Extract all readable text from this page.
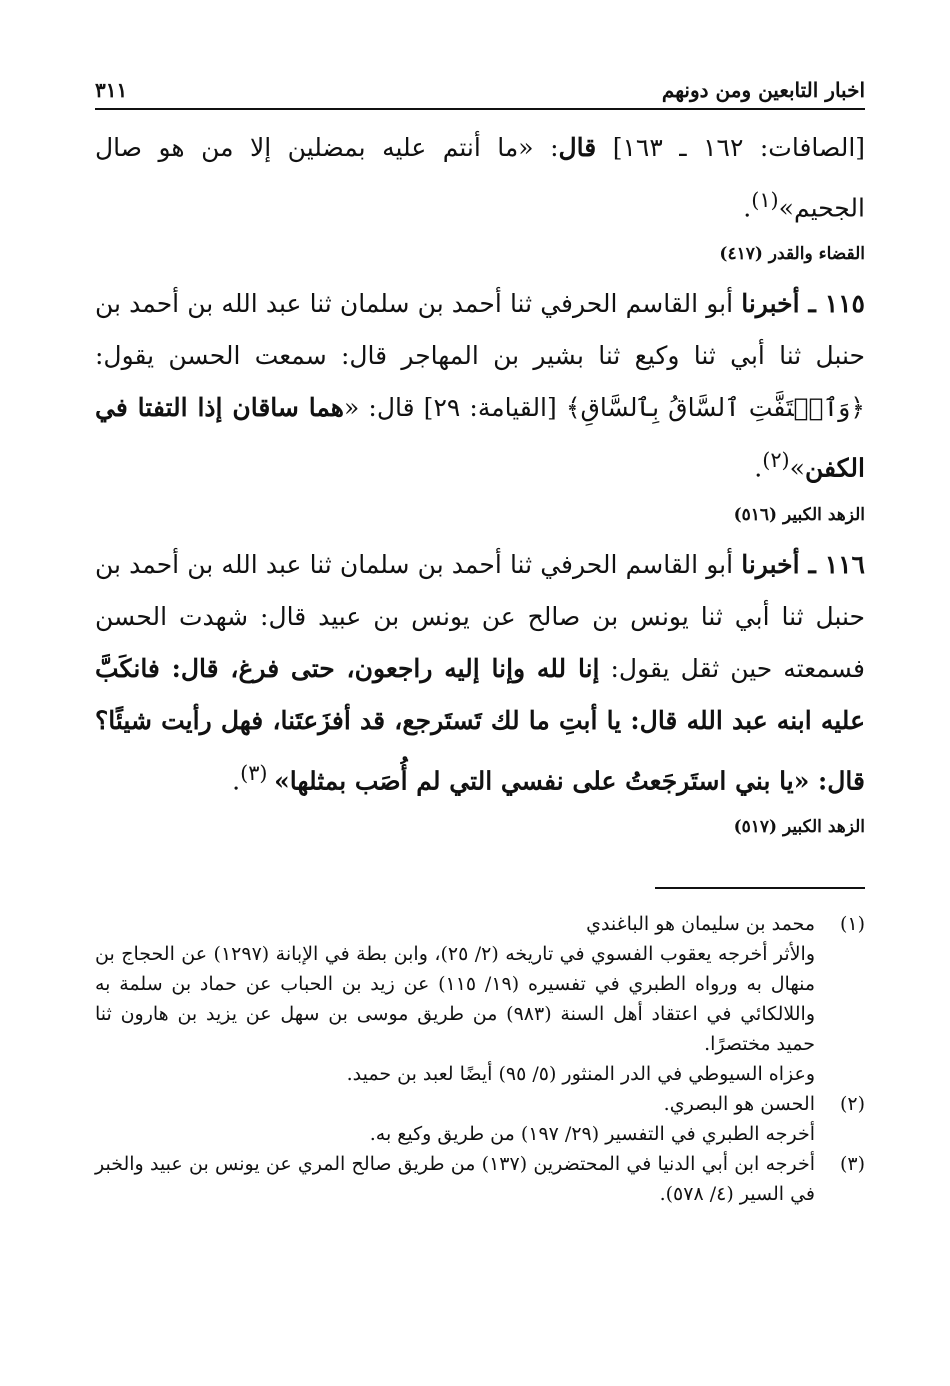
اخبار التابعين ومن دونهم
٣١١

[الصافات: ١٦٢ ـ ١٦٣] قال: «ما أنتم عليه بمضلين إلا من هو صال الجحيم»$^{(١)}$.

القضاء والقدر (٤١٧)

١١٥ ـ أخبرنا أبو القاسم الحرفي ثنا أحمد بن سلمان ثنا عبد الله بن أحمد بن حنبل ثنا أبي ثنا وكيع ثنا بشير بن المهاجر قال: سمعت الحسن يقول: ﴿وَٱلۡتَفَّتِ ٱلسَّاقُ بِٱلسَّاقِ﴾ [القيامة: ٢٩] قال: «هما ساقان إذا التفتا في الكفن»$^{(٢)}$.

الزهد الكبير (٥١٦)

١١٦ ـ أخبرنا أبو القاسم الحرفي ثنا أحمد بن سلمان ثنا عبد الله بن أحمد بن حنبل ثنا أبي ثنا يونس بن صالح عن يونس بن عبيد قال: شهدت الحسن فسمعته حين ثقل يقول: إنا لله وإنا إليه راجعون، حتى فرغ، قال: فانكَبَّ عليه ابنه عبد الله قال: يا أبتِ ما لك تَستَرجع، قد أفزَعتَنا، فهل رأيت شيئًا؟ قال: «يا بني استَرجَعتُ على نفسي التي لم أُصَب بمثلها» $^{(٣)}$.

الزهد الكبير (٥١٧)
(١)
محمد بن سليمان هو الباغندي
والأثر أخرجه يعقوب الفسوي في تاريخه (٢/ ٢٥)، وابن بطة في الإبانة (١٢٩٧) عن الحجاج بن منهال به ورواه الطبري في تفسيره (١٩/ ١١٥) عن زيد بن الحباب عن حماد بن سلمة به واللالكائي في اعتقاد أهل السنة (٩٨٣) من طريق موسى بن سهل عن يزيد بن هارون ثنا حميد مختصرًا.
وعزاه السيوطي في الدر المنثور (٥/ ٩٥) أيضًا لعبد بن حميد.
(٢)
الحسن هو البصري.
أخرجه الطبري في التفسير (٢٩/ ١٩٧) من طريق وكيع به.
(٣)
أخرجه ابن أبي الدنيا في المحتضرين (١٣٧) من طريق صالح المري عن يونس بن عبيد والخبر في السير (٤/ ٥٧٨).
